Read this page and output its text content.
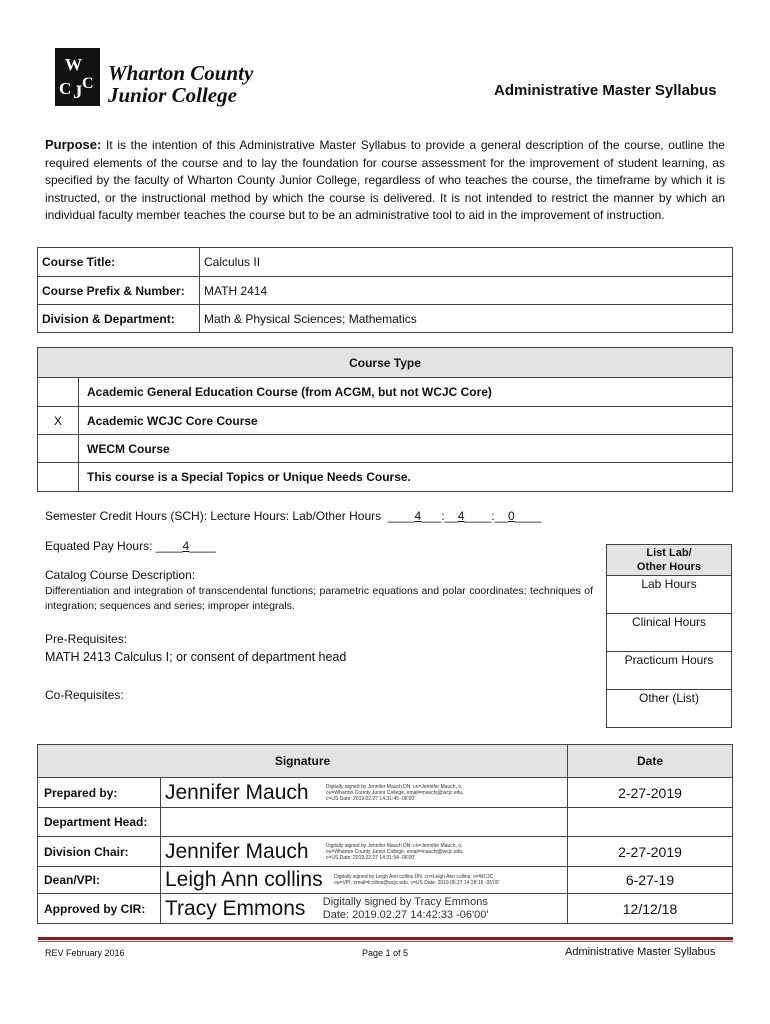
W
C J C Wharton County
Junior College	Administrative Master Syllabus
Purpose: It is the intention of this Administrative Master Syllabus to provide a general description of the course, outline the required elements of the course and to lay the foundation for course assessment for the improvement of student learning, as specified by the faculty of Wharton County Junior College, regardless of who teaches the course, the timeframe by which it is instructed, or the instructional method by which the course is delivered. It is not intended to restrict the manner by which an individual faculty member teaches the course but to be an administrative tool to aid in the improvement of instruction.
Course Title:	Calculus II
Course Prefix & Number:	MATH 2414
Division & Department:	Math & Physical Sciences; Mathematics
Course Type	
	Academic General Education Course (from ACGM, but not WCJC Core)
X	Academic WCJC Core Course
	WECM Course
	This course is a Special Topics or Unique Needs Course.
Semester Credit Hours (SCH): Lecture Hours: Lab/Other Hours  ____4___:__4____:__0____
Equated Pay Hours: ____4____
Catalog Course Description:
Differentiation and integration of transcendental functions; parametric equations and polar coordinates; techniques of integration; sequences and series; improper integrals.
Pre-Requisites:
MATH 2413 Calculus I; or consent of department head
Co-Requisites:
List Lab/
Other Hours

Lab Hours
Clinical Hours
Practicum Hours
Other (List)
Signature		Date
Prepared by:	Jennifer Mauch Digitally signed by Jennifer Mauch DN: cn=Jennifer Mauch, o, ou=Wharton County Junior College, email=mauchj@wcjc.edu, c=US Date: 2019.02.27 14:31:45 -06'00'	2-27-2019
Department Head:		
Division Chair:	Jennifer Mauch Digitally signed by Jennifer Mauch DN: cn=Jennifer Mauch, o, ou=Wharton County Junior College, email=mauchj@wcjc.edu, c=US Date: 2019.02.27 14:31:54 -06'00'	2-27-2019
Dean/VPI:	Leigh Ann collins Digitally signed by Leigh Ann collins DN: cn=Leigh Ann collins, o=WCJC, ou=VPI, email=lcollins@wcjc.edu, c=US Date: 2019.06.27 14:28:19 -05'00'	6-27-19
Approved by CIR:	Tracy Emmons Digitally signed by Tracy Emmons
Date: 2019.02.27 14:42:33 -06'00'	12/12/18
REV February 2016	Page 1 of 5	Administrative Master Syllabus
